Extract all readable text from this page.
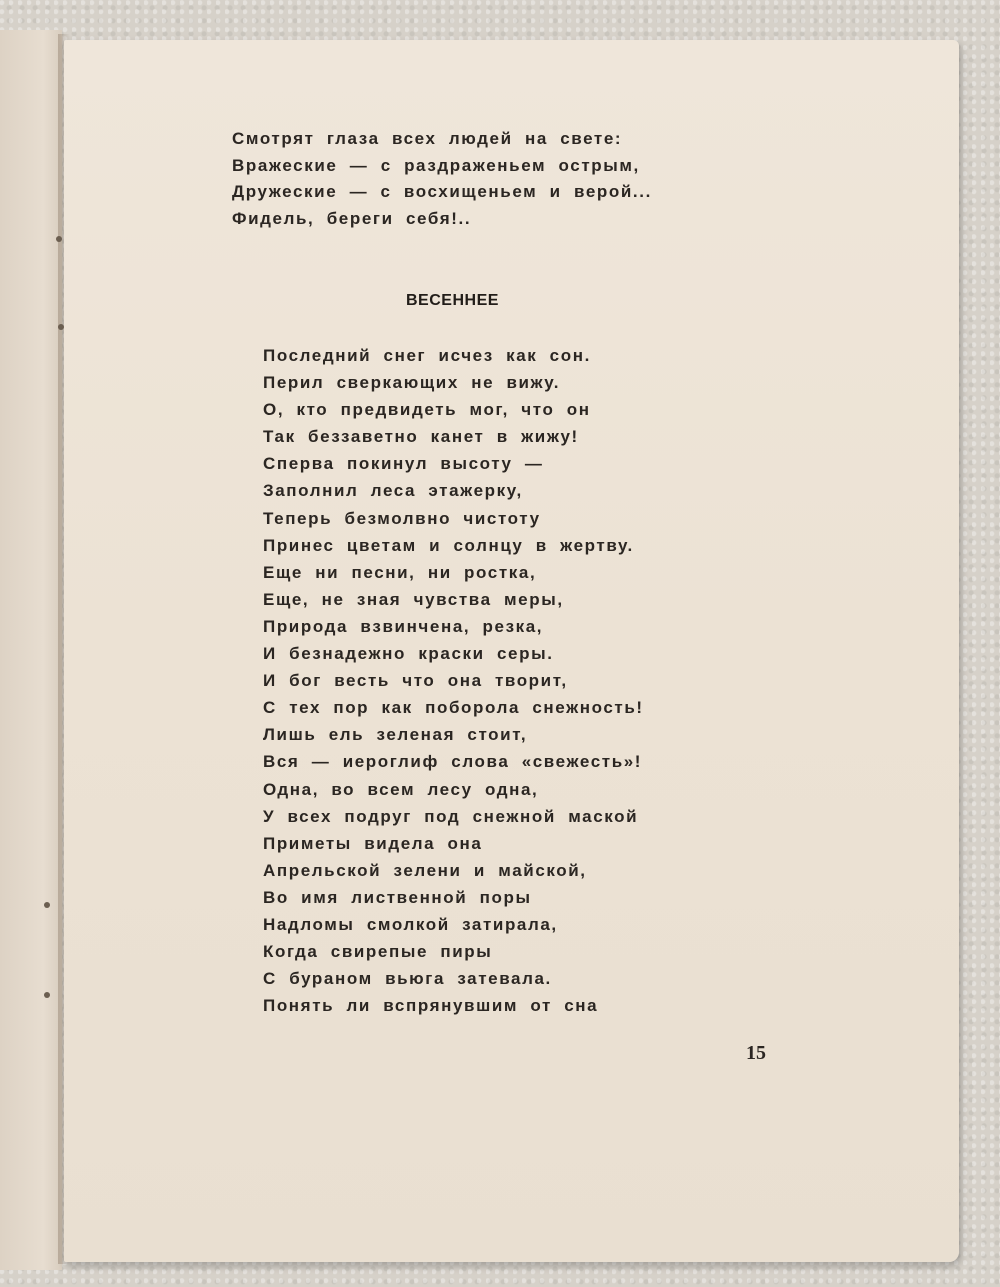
Смотрят глаза всех людей на свете:
Вражеские — с раздраженьем острым,
Дружеские — с восхищеньем и верой...
Фидель, береги себя!..
ВЕСЕННЕЕ
Последний снег исчез как сон.
Перил сверкающих не вижу.
О, кто предвидеть мог, что он
Так беззаветно канет в жижу!
Сперва покинул высоту —
Заполнил леса этажерку,
Теперь безмолвно чистоту
Принес цветам и солнцу в жертву.
Еще ни песни, ни ростка,
Еще, не зная чувства меры,
Природа взвинчена, резка,
И безнадежно краски серы.
И бог весть что она творит,
С тех пор как поборола снежность!
Лишь ель зеленая стоит,
Вся — иероглиф слова «свежесть»!
Одна, во всем лесу одна,
У всех подруг под снежной маской
Приметы видела она
Апрельской зелени и майской,
Во имя лиственной поры
Надломы смолкой затирала,
Когда свирепые пиры
С бураном вьюга затевала.
Понять ли вспрянувшим от сна
15
